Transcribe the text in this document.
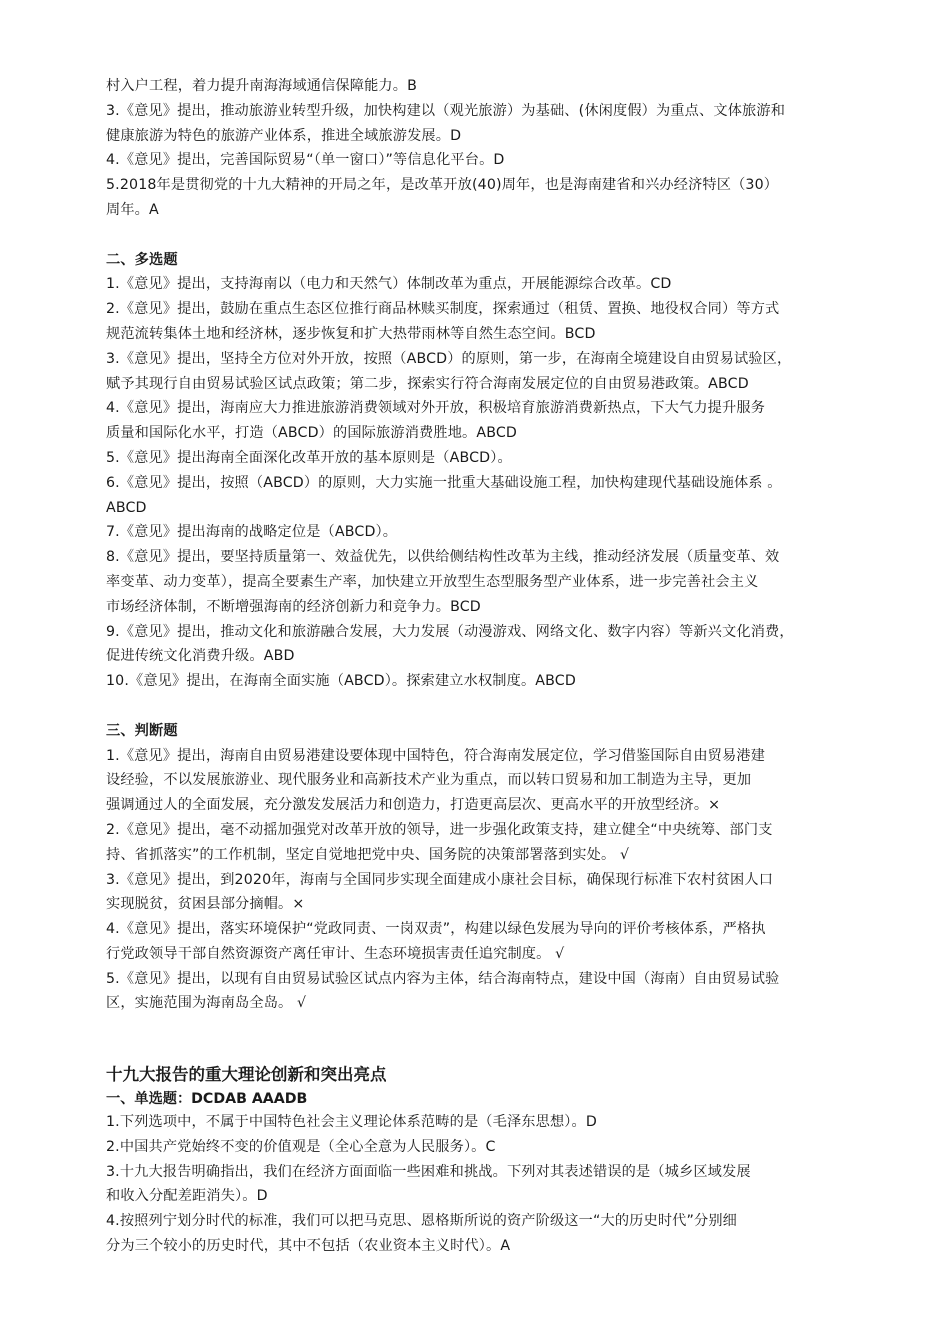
村入户工程，着力提升南海海域通信保障能力。B
3.《意见》提出，推动旅游业转型升级，加快构建以（观光旅游）为基础、(休闲度假）为重点、文体旅游和
健康旅游为特色的旅游产业体系，推进全域旅游发展。D
4.《意见》提出，完善国际贸易“（单一窗口）”等信息化平台。D
5.2018年是贯彻党的十九大精神的开局之年，是改革开放(40)周年，也是海南建省和兴办经济特区（30）
周年。A
二、多选题
1.《意见》提出，支持海南以（电力和天然气）体制改革为重点，开展能源综合改革。CD
2.《意见》提出，鼓励在重点生态区位推行商品林赎买制度，探索通过（租赁、置换、地役权合同）等方式
规范流转集体土地和经济林，逐步恢复和扩大热带雨林等自然生态空间。BCD
3.《意见》提出，坚持全方位对外开放，按照（ABCD）的原则，第一步，在海南全境建设自由贸易试验区，
赋予其现行自由贸易试验区试点政策；第二步，探索实行符合海南发展定位的自由贸易港政策。ABCD
4.《意见》提出，海南应大力推进旅游消费领域对外开放，积极培育旅游消费新热点，下大气力提升服务
质量和国际化水平，打造（ABCD）的国际旅游消费胜地。ABCD
5.《意见》提出海南全面深化改革开放的基本原则是（ABCD）。
6.《意见》提出，按照（ABCD）的原则，大力实施一批重大基础设施工程，加快构建现代基础设施体系 。
ABCD
7.《意见》提出海南的战略定位是（ABCD）。
8.《意见》提出，要坚持质量第一、效益优先，以供给侧结构性改革为主线，推动经济发展（质量变革、效
率变革、动力变革），提高全要素生产率，加快建立开放型生态型服务型产业体系，进一步完善社会主义
市场经济体制，不断增强海南的经济创新力和竞争力。BCD
9.《意见》提出，推动文化和旅游融合发展，大力发展（动漫游戏、网络文化、数字内容）等新兴文化消费，
促进传统文化消费升级。ABD
10.《意见》提出，在海南全面实施（ABCD）。探索建立水权制度。ABCD
三、判断题
1.《意见》提出，海南自由贸易港建设要体现中国特色，符合海南发展定位，学习借鉴国际自由贸易港建
设经验，不以发展旅游业、现代服务业和高新技术产业为重点，而以转口贸易和加工制造为主导，更加
强调通过人的全面发展，充分激发发展活力和创造力，打造更高层次、更高水平的开放型经济。×
2.《意见》提出，毫不动摇加强党对改革开放的领导，进一步强化政策支持，建立健全“中央统筹、部门支
持、省抓落实”的工作机制，坚定自觉地把党中央、国务院的决策部署落到实处。 √
3.《意见》提出，到2020年，海南与全国同步实现全面建成小康社会目标，确保现行标准下农村贫困人口
实现脱贫，贫困县部分摘帽。×
4.《意见》提出，落实环境保护“党政同责、一岗双责”，构建以绿色发展为导向的评价考核体系，严格执
行党政领导干部自然资源资产离任审计、生态环境损害责任追究制度。 √
5.《意见》提出，以现有自由贸易试验区试点内容为主体，结合海南特点，建设中国（海南）自由贸易试验
区，实施范围为海南岛全岛。 √
十九大报告的重大理论创新和突出亮点
一、单选题：DCDAB AAADB
1.下列选项中，不属于中国特色社会主义理论体系范畴的是（毛泽东思想）。D
2.中国共产党始终不变的价值观是（全心全意为人民服务）。C
3.十九大报告明确指出，我们在经济方面面临一些困难和挑战。下列对其表述错误的是（城乡区域发展
和收入分配差距消失）。D
4.按照列宁划分时代的标准，我们可以把马克思、恩格斯所说的资产阶级这一“大的历史时代”分别细
分为三个较小的历史时代，其中不包括（农业资本主义时代）。A
